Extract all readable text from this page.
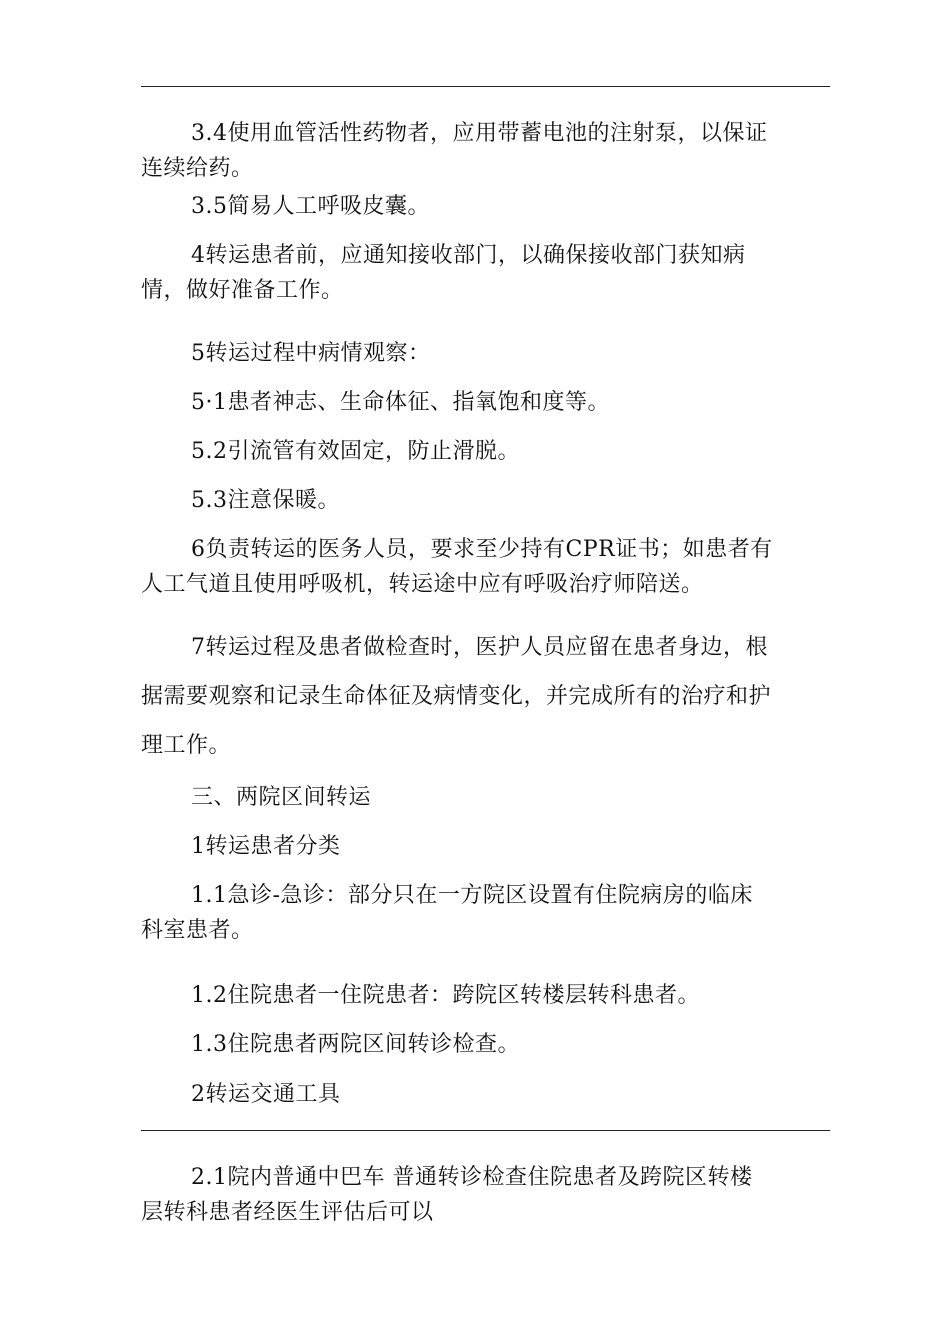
3.4使用血管活性药物者，应用带蓄电池的注射泵，以保证
连续给药。

3.5简易人工呼吸皮囊。

4转运患者前，应通知接收部门，以确保接收部门获知病
情，做好准备工作。

5转运过程中病情观察：

5·1患者神志、生命体征、指氧饱和度等。

5.2引流管有效固定，防止滑脱。

5.3注意保暖。

6负责转运的医务人员，要求至少持有CPR证书；如患者有
人工气道且使用呼吸机，转运途中应有呼吸治疗师陪送。

7转运过程及患者做检查时，医护人员应留在患者身边，根
据需要观察和记录生命体征及病情变化，并完成所有的治疗和护
理工作。

三、两院区间转运

1转运患者分类

1.1急诊-急诊：部分只在一方院区设置有住院病房的临床
科室患者。

1.2住院患者一住院患者：跨院区转楼层转科患者。

1.3住院患者两院区间转诊检查。

2转运交通工具

2.1院内普通中巴车 普通转诊检查住院患者及跨院区转楼
层转科患者经医生评估后可以
